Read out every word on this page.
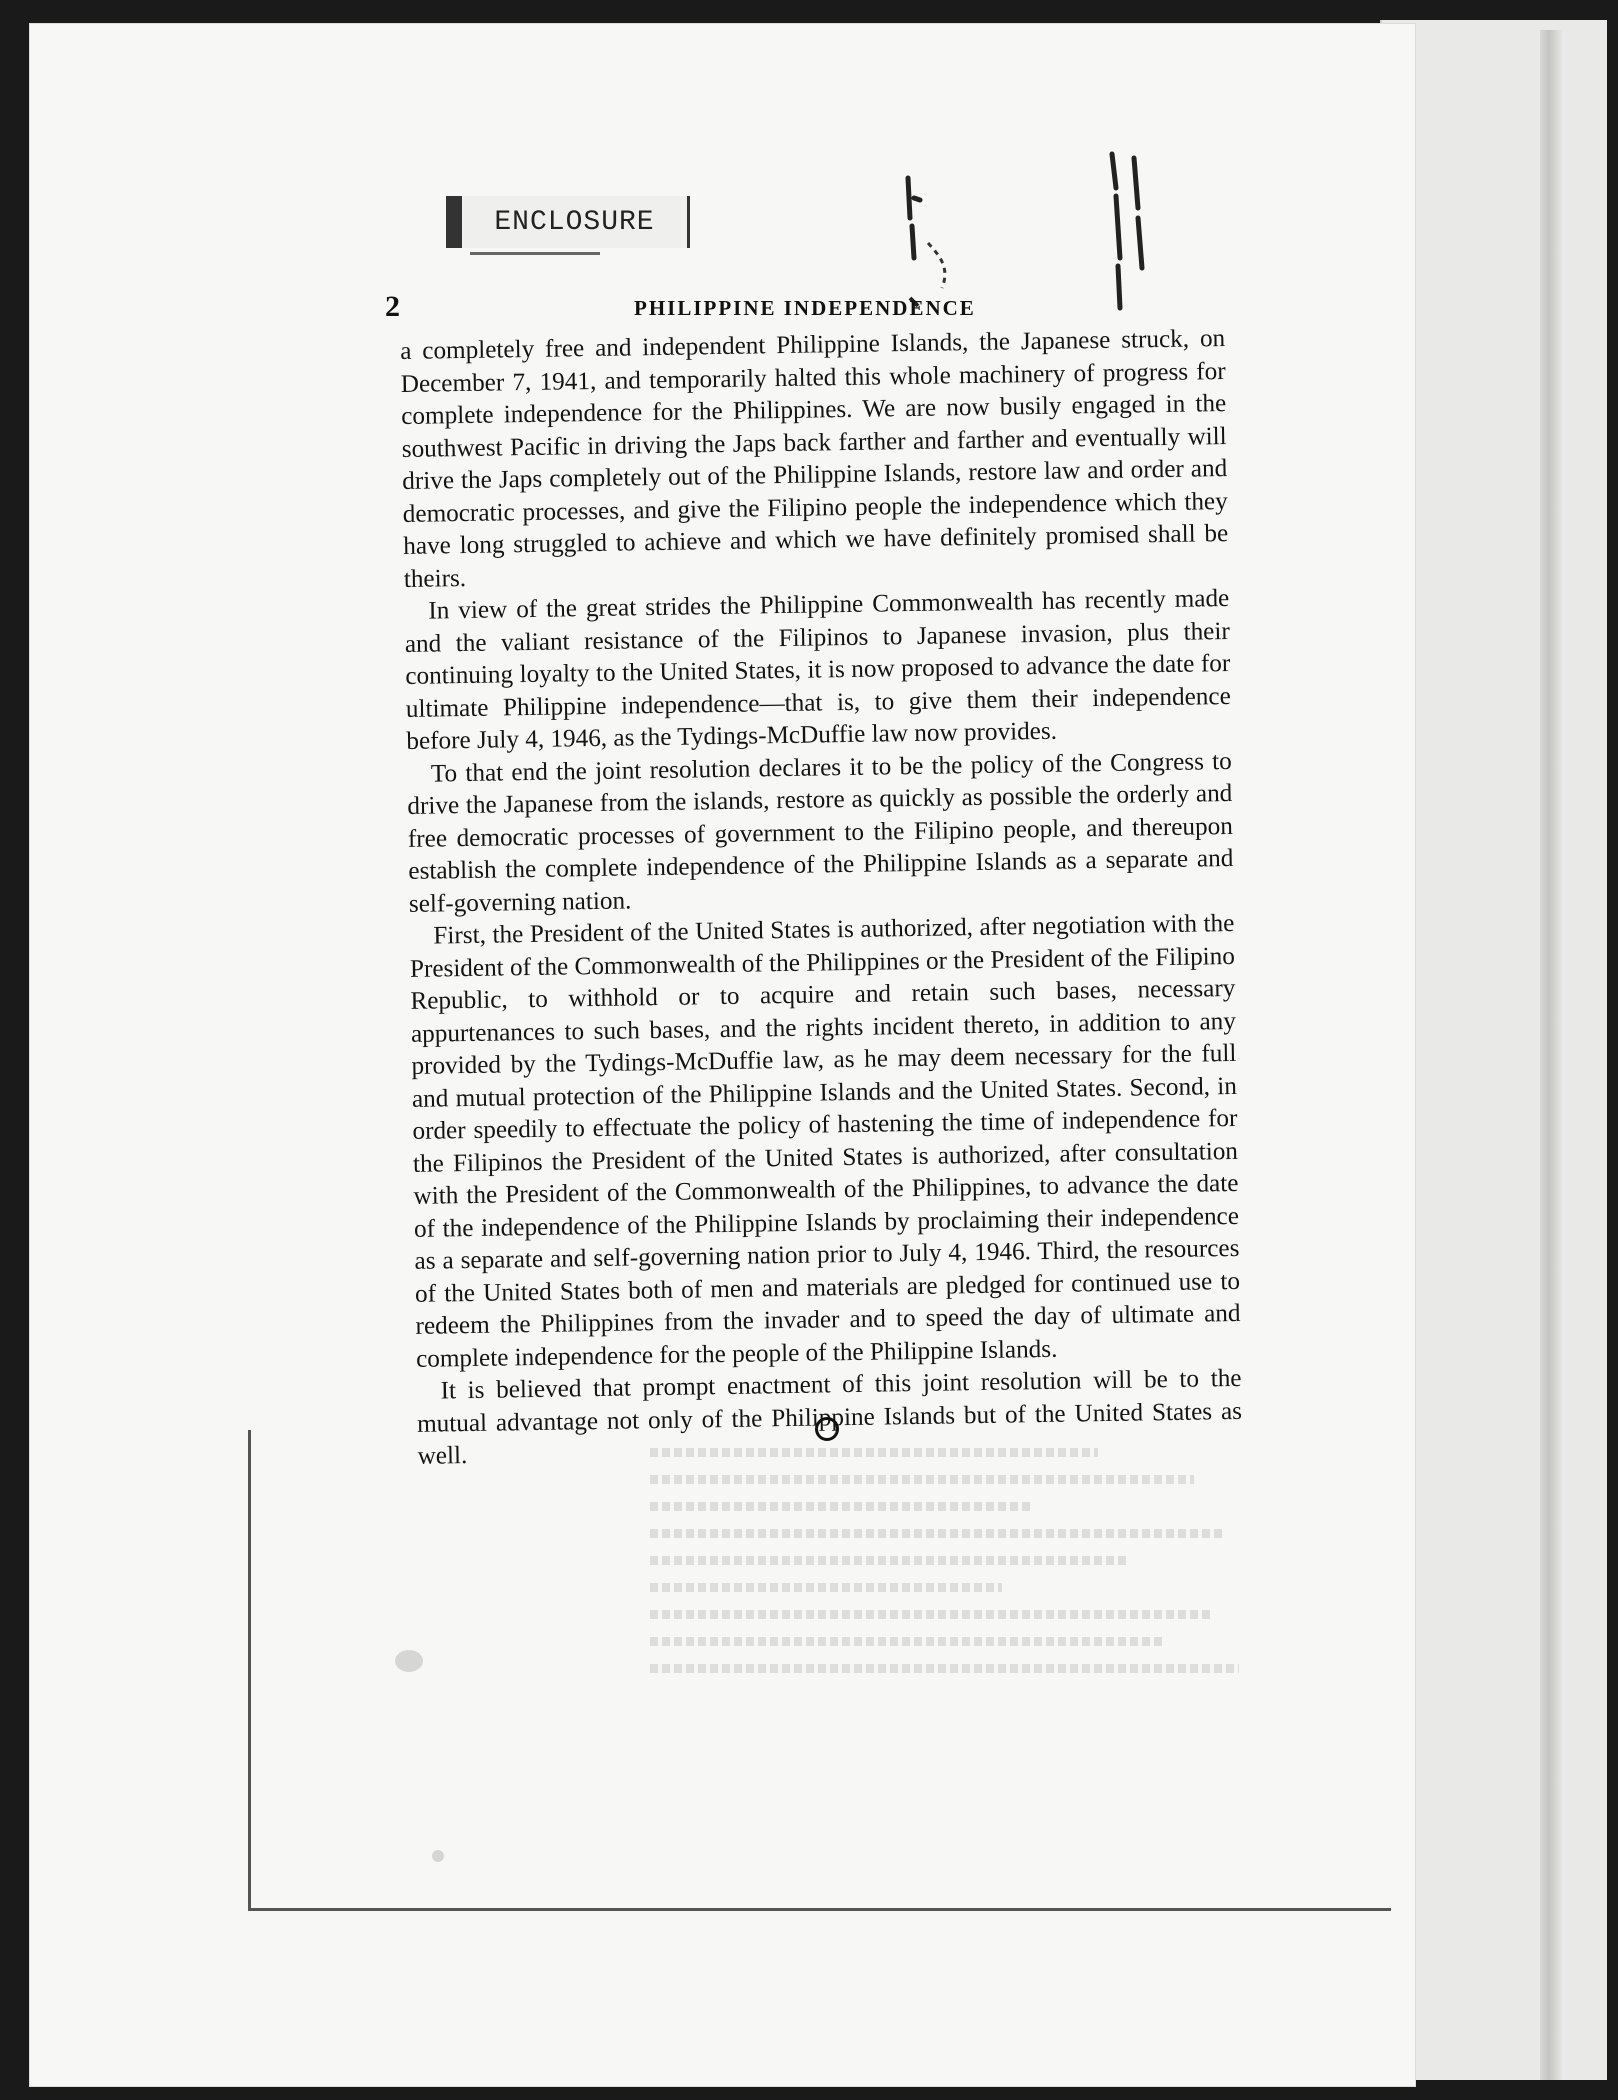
ENCLOSURE
2	PHILIPPINE INDEPENDENCE

a completely free and independent Philippine Islands, the Japanese struck, on December 7, 1941, and temporarily halted this whole machinery of progress for complete independence for the Philippines. We are now busily engaged in the southwest Pacific in driving the Japs back farther and farther and eventually will drive the Japs completely out of the Philippine Islands, restore law and order and democratic processes, and give the Filipino people the independence which they have long struggled to achieve and which we have definitely promised shall be theirs.

In view of the great strides the Philippine Commonwealth has recently made and the valiant resistance of the Filipinos to Japanese invasion, plus their continuing loyalty to the United States, it is now proposed to advance the date for ultimate Philippine independence—that is, to give them their independence before July 4, 1946, as the Tydings-McDuffie law now provides.

To that end the joint resolution declares it to be the policy of the Congress to drive the Japanese from the islands, restore as quickly as possible the orderly and free democratic processes of government to the Filipino people, and thereupon establish the complete independence of the Philippine Islands as a separate and self-governing nation.

First, the President of the United States is authorized, after negotiation with the President of the Commonwealth of the Philippines or the President of the Filipino Republic, to withhold or to acquire and retain such bases, necessary appurtenances to such bases, and the rights incident thereto, in addition to any provided by the Tydings-McDuffie law, as he may deem necessary for the full and mutual protection of the Philippine Islands and the United States. Second, in order speedily to effectuate the policy of hastening the time of independence for the Filipinos the President of the United States is authorized, after consultation with the President of the Commonwealth of the Philippines, to advance the date of the independence of the Philippine Islands by proclaiming their independence as a separate and self-governing nation prior to July 4, 1946. Third, the resources of the United States both of men and materials are pledged for continued use to redeem the Philippines from the invader and to speed the day of ultimate and complete independence for the people of the Philippine Islands.

It is believed that prompt enactment of this joint resolution will be to the mutual advantage not only of the Philippine Islands but of the United States as well.
